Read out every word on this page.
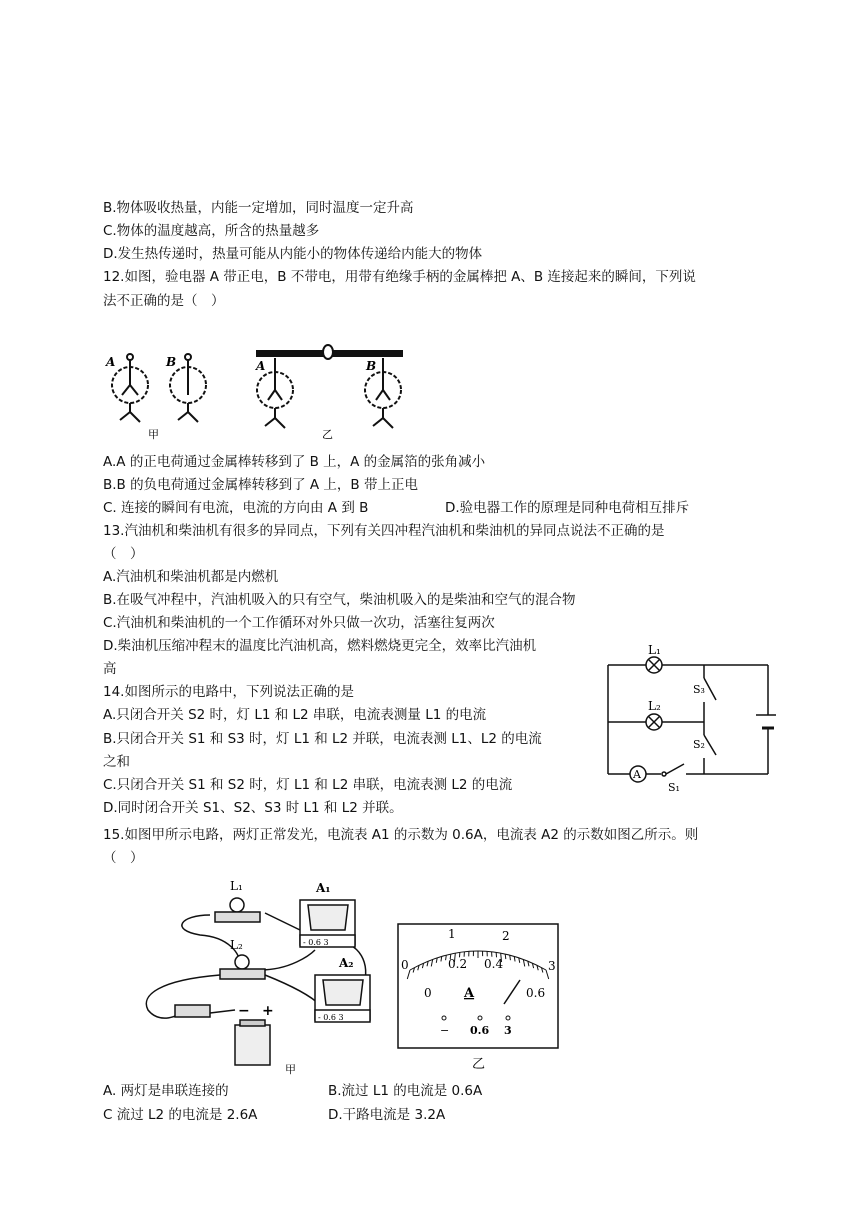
B.物体吸收热量，内能一定增加，同时温度一定升高
C.物体的温度越高，所含的热量越多
D.发生热传递时，热量可能从内能小的物体传递给内能大的物体
12.如图，验电器 A 带正电，B 不带电，用带有绝缘手柄的金属棒把 A、B 连接起来的瞬间，下列说
法不正确的是（　）
A	B	A	B
甲	乙
A.A 的正电荷通过金属棒转移到了 B 上，A 的金属箔的张角减小
B.B 的负电荷通过金属棒转移到了 A 上，B 带上正电
C. 连接的瞬间有电流，电流的方向由 A 到 B	D.验电器工作的原理是同种电荷相互排斥
13.汽油机和柴油机有很多的异同点，下列有关四冲程汽油机和柴油机的异同点说法不正确的是
（　）
A.汽油机和柴油机都是内燃机
B.在吸气冲程中，汽油机吸入的只有空气，柴油机吸入的是柴油和空气的混合物
C.汽油机和柴油机的一个工作循环对外只做一次功，活塞往复两次
D.柴油机压缩冲程末的温度比汽油机高，燃料燃烧更完全，效率比汽油机
高
14.如图所示的电路中，下列说法正确的是
A.只闭合开关 S2 时，灯 L1 和 L2 串联，电流表测量 L1 的电流
B.只闭合开关 S1 和 S3 时，灯 L1 和 L2 并联，电流表测 L1、L2 的电流
之和
C.只闭合开关 S1 和 S2 时，灯 L1 和 L2 串联，电流表测 L2 的电流
D.同时闭合开关 S1、S2、S3 时 L1 和 L2 并联。
L₁
L₂
S₃
S₂
S₁
A
15.如图甲所示电路，两灯正常发光，电流表 A1 的示数为 0.6A，电流表 A2 的示数如图乙所示。则
（　）
L₁
L₂
A₁
A₂
− +
- 0.6 3
- 0.6 3
甲
0
1	2
3
0.2 0.4
0	0.6
A
− 0.6 3
乙
A. 两灯是串联连接的	B.流过 L1 的电流是 0.6A
C 流过 L2 的电流是 2.6A	D.干路电流是 3.2A
